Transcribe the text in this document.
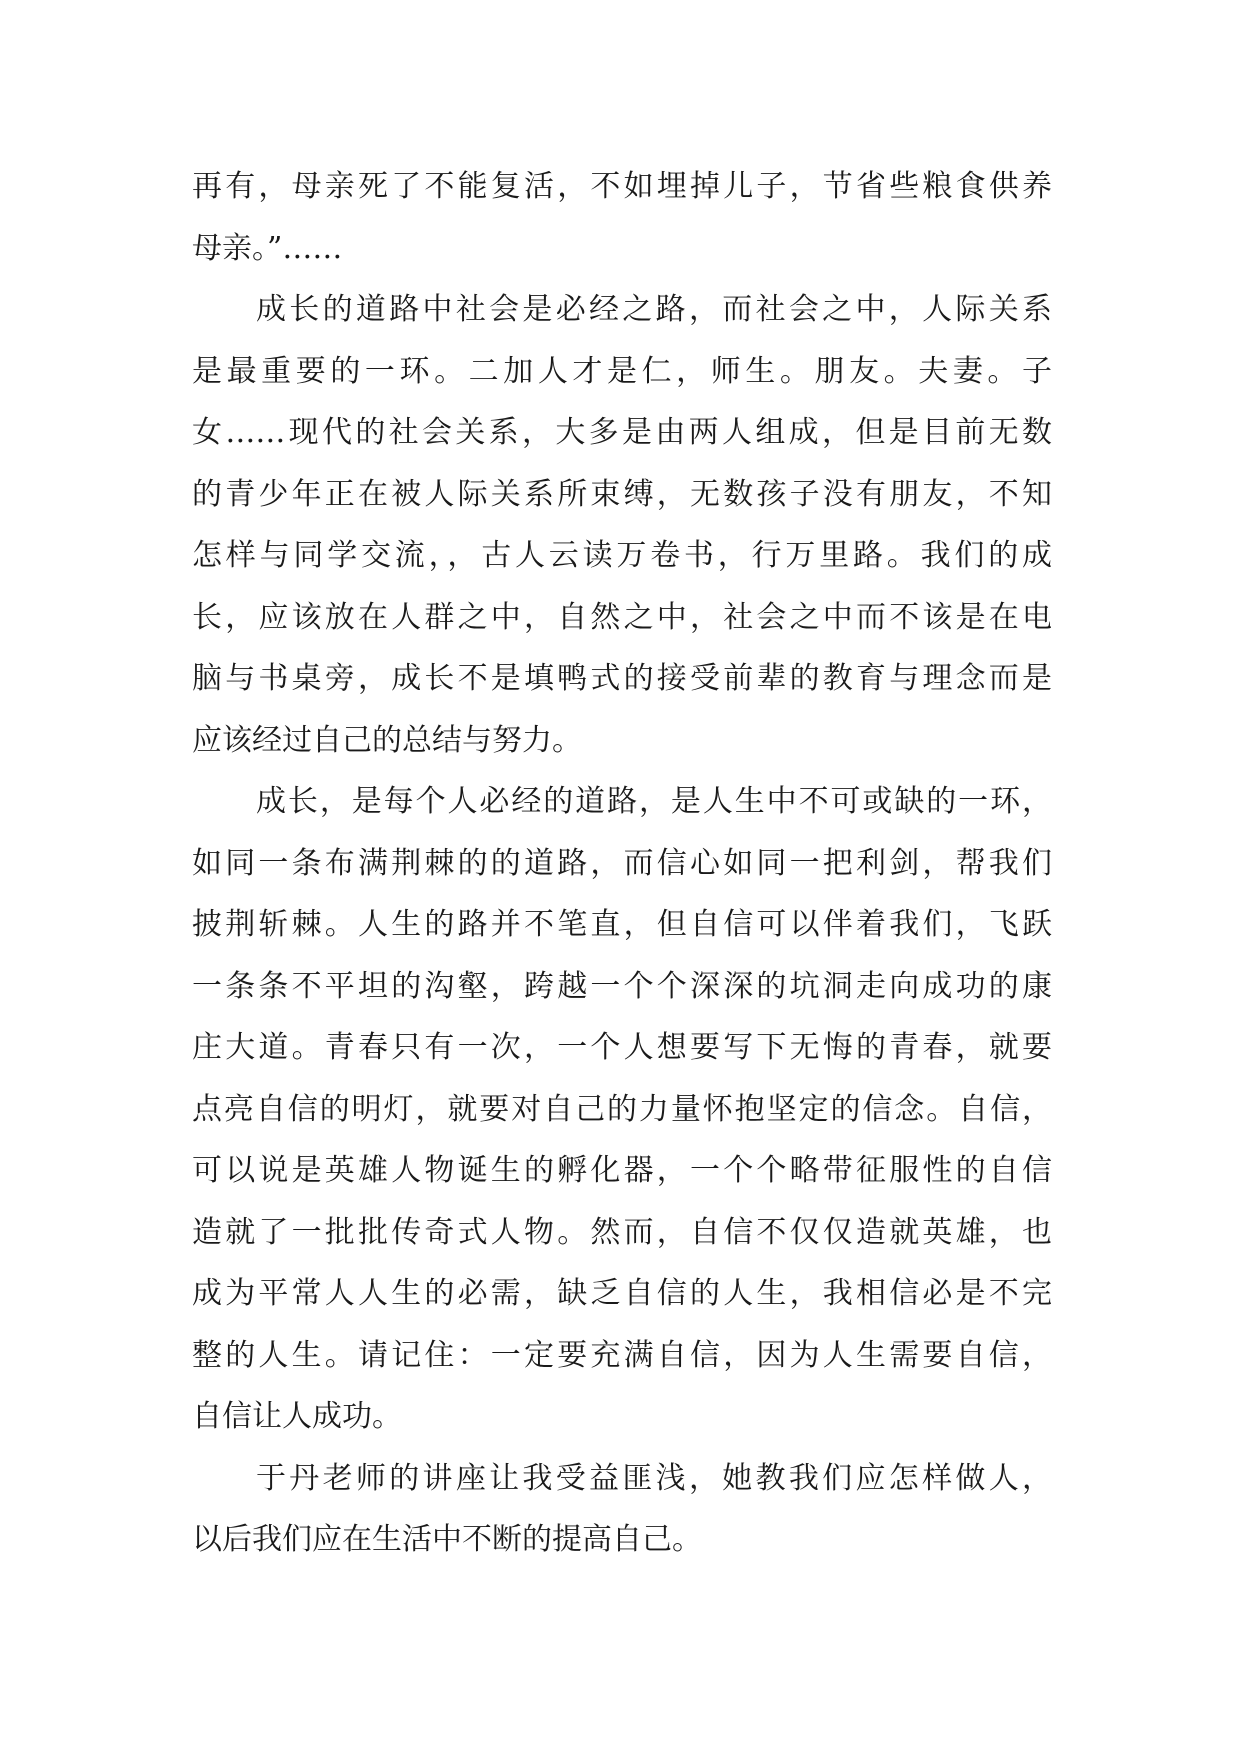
再有，母亲死了不能复活，不如埋掉儿子，节省些粮食供养
母亲。”……
成长的道路中社会是必经之路，而社会之中，人际关系
是最重要的一环。二加人才是仁，师生。朋友。夫妻。子
女……现代的社会关系，大多是由两人组成，但是目前无数
的青少年正在被人际关系所束缚，无数孩子没有朋友，不知
怎样与同学交流，，古人云读万卷书，行万里路。我们的成
长，应该放在人群之中，自然之中，社会之中而不该是在电
脑与书桌旁，成长不是填鸭式的接受前辈的教育与理念而是
应该经过自己的总结与努力。
成长，是每个人必经的道路，是人生中不可或缺的一环，
如同一条布满荆棘的的道路，而信心如同一把利剑，帮我们
披荆斩棘。人生的路并不笔直，但自信可以伴着我们，飞跃
一条条不平坦的沟壑，跨越一个个深深的坑洞走向成功的康
庄大道。青春只有一次，一个人想要写下无悔的青春，就要
点亮自信的明灯，就要对自己的力量怀抱坚定的信念。自信，
可以说是英雄人物诞生的孵化器，一个个略带征服性的自信
造就了一批批传奇式人物。然而，自信不仅仅造就英雄，也
成为平常人人生的必需，缺乏自信的人生，我相信必是不完
整的人生。请记住：一定要充满自信，因为人生需要自信，
自信让人成功。
于丹老师的讲座让我受益匪浅，她教我们应怎样做人，
以后我们应在生活中不断的提高自己。
